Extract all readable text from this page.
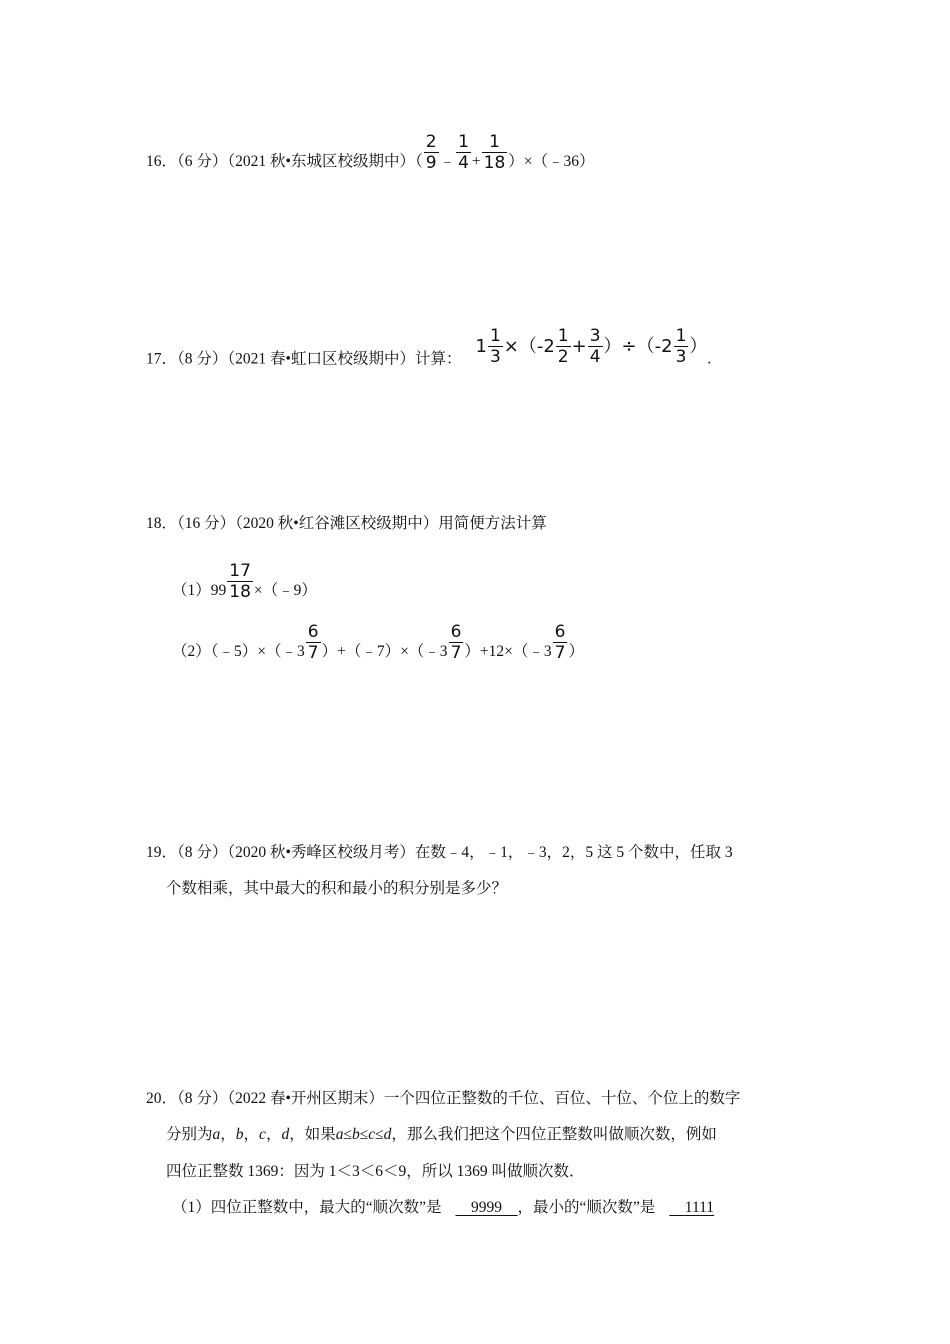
16．（6 分）（2021 秋•东城区校级期中）（ $\frac{2}{9}$ ﹣ $\frac{1}{4} + \frac{1}{18}$ ）×（﹣36）
17．（8 分）（2021 春•虹口区校级期中）计算：$1 \frac{1}{3} \times(-2 \frac{1}{2} + \frac{3}{4} )\div(-2 \frac{1}{3}$ ）.
18．（16 分）（2020 秋•红谷滩区校级期中）用简便方法计算
$(1)99 \frac{17}{18}$ ×（﹣9）
（2）（﹣5）×（﹣3 $\frac{6}{7}$ ）+（﹣7）×（﹣3 $\frac{6}{7}$ ）+12×（﹣3 $\frac{6}{7}$ ）
19．（8 分）（2020 秋•秀峰区校级月考）在数﹣4，﹣1，﹣3，2，5 这 5 个数中，任取 3
个数相乘，其中最大的积和最小的积分别是多少？
20．（8 分）（2022 春•开州区期末）一个四位正整数的千位、百位、十位、个位上的数字
分别为a，b，c，d，如果a≤b≤c≤d，那么我们把这个四位正整数叫做顺次数，例如
四位正整数 1369：因为 1＜3＜6＜9，所以 1369 叫做顺次数．
（1）四位正整数中，最大的“顺次数”是 9999 ，最小的“顺次数”是 1111
